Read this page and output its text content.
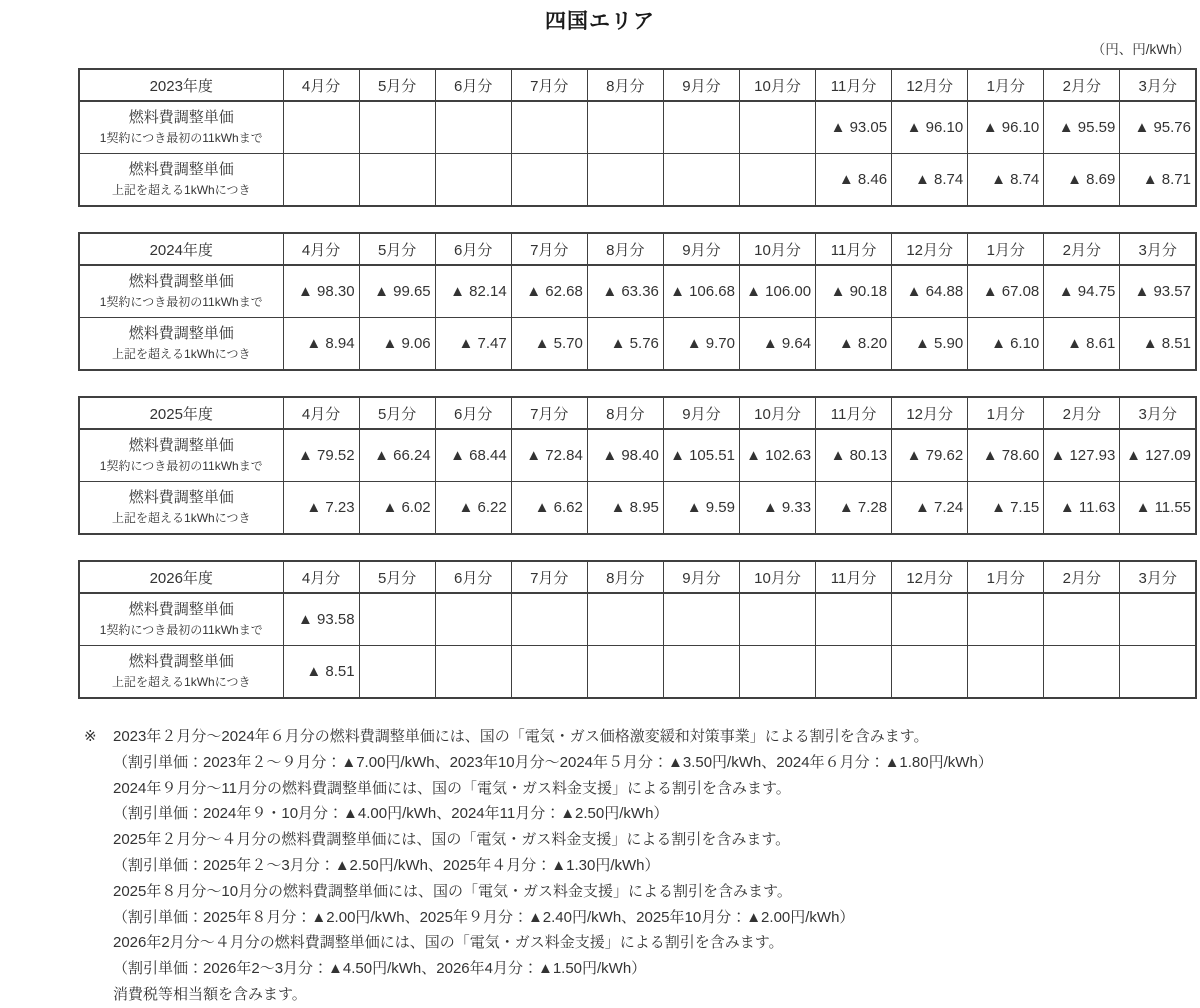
四国エリア
（円、円/kWh）
2023年度	4月分	5月分	6月分	7月分	8月分	9月分	10月分	11月分	12月分	1月分	2月分	3月分

燃料費調整単価
1契約につき最初の11kWhまで								▲ 93.05	▲ 96.10	▲ 96.10	▲ 95.59	▲ 95.76

燃料費調整単価
上記を超える1kWhにつき								▲ 8.46	▲ 8.74	▲ 8.74	▲ 8.69	▲ 8.71
2024年度	4月分	5月分	6月分	7月分	8月分	9月分	10月分	11月分	12月分	1月分	2月分	3月分

燃料費調整単価
1契約につき最初の11kWhまで	▲ 98.30	▲ 99.65	▲ 82.14	▲ 62.68	▲ 63.36	▲ 106.68	▲ 106.00	▲ 90.18	▲ 64.88	▲ 67.08	▲ 94.75	▲ 93.57

燃料費調整単価
上記を超える1kWhにつき	▲ 8.94	▲ 9.06	▲ 7.47	▲ 5.70	▲ 5.76	▲ 9.70	▲ 9.64	▲ 8.20	▲ 5.90	▲ 6.10	▲ 8.61	▲ 8.51
2025年度	4月分	5月分	6月分	7月分	8月分	9月分	10月分	11月分	12月分	1月分	2月分	3月分

燃料費調整単価
1契約につき最初の11kWhまで	▲ 79.52	▲ 66.24	▲ 68.44	▲ 72.84	▲ 98.40	▲ 105.51	▲ 102.63	▲ 80.13	▲ 79.62	▲ 78.60	▲ 127.93	▲ 127.09

燃料費調整単価
上記を超える1kWhにつき	▲ 7.23	▲ 6.02	▲ 6.22	▲ 6.62	▲ 8.95	▲ 9.59	▲ 9.33	▲ 7.28	▲ 7.24	▲ 7.15	▲ 11.63	▲ 11.55
2026年度	4月分	5月分	6月分	7月分	8月分	9月分	10月分	11月分	12月分	1月分	2月分	3月分

燃料費調整単価
1契約につき最初の11kWhまで	▲ 93.58											

燃料費調整単価
上記を超える1kWhにつき	▲ 8.51											
※ 2023年２月分～2024年６月分の燃料費調整単価には、国の「電気・ガス価格激変緩和対策事業」による割引を含みます。
（割引単価：2023年２～９月分：▲7.00円/kWh、2023年10月分～2024年５月分：▲3.50円/kWh、2024年６月分：▲1.80円/kWh）
2024年９月分～11月分の燃料費調整単価には、国の「電気・ガス料金支援」による割引を含みます。
（割引単価：2024年９・10月分：▲4.00円/kWh、2024年11月分：▲2.50円/kWh）
2025年２月分～４月分の燃料費調整単価には、国の「電気・ガス料金支援」による割引を含みます。
（割引単価：2025年２～3月分：▲2.50円/kWh、2025年４月分：▲1.30円/kWh）
2025年８月分～10月分の燃料費調整単価には、国の「電気・ガス料金支援」による割引を含みます。
（割引単価：2025年８月分：▲2.00円/kWh、2025年９月分：▲2.40円/kWh、2025年10月分：▲2.00円/kWh）
2026年2月分～４月分の燃料費調整単価には、国の「電気・ガス料金支援」による割引を含みます。
（割引単価：2026年2～3月分：▲4.50円/kWh、2026年4月分：▲1.50円/kWh）
消費税等相当額を含みます。
